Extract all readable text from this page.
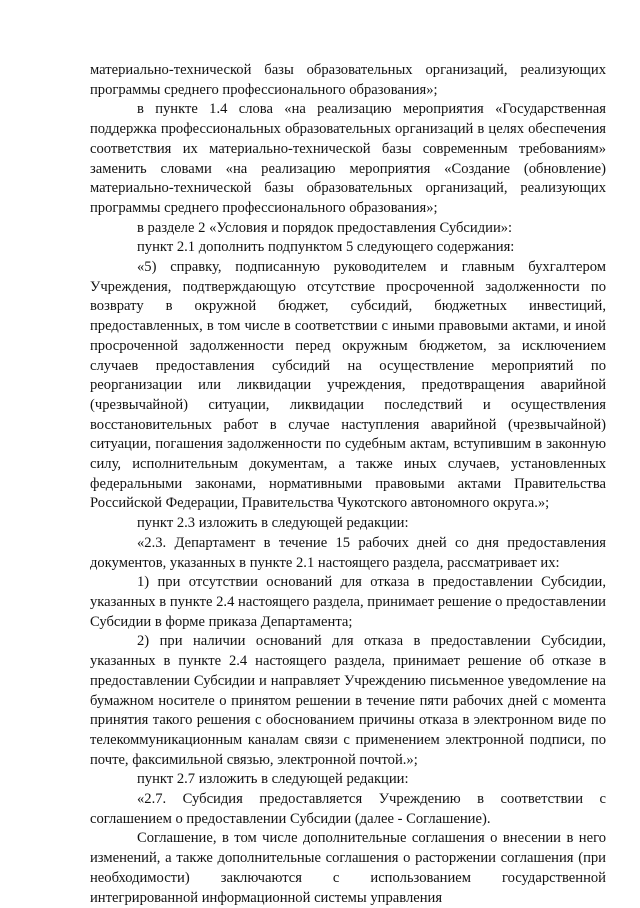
материально-технической базы образовательных организаций, реализующих программы среднего профессионального образования»;

в пункте 1.4 слова «на реализацию мероприятия «Государственная поддержка профессиональных образовательных организаций в целях обеспечения соответствия их материально-технической базы современным требованиям» заменить словами «на реализацию мероприятия «Создание (обновление) материально-технической базы образовательных организаций, реализующих программы среднего профессионального образования»;

в разделе 2 «Условия и порядок предоставления Субсидии»:

пункт 2.1 дополнить подпунктом 5 следующего содержания:

«5) справку, подписанную руководителем и главным бухгалтером Учреждения, подтверждающую отсутствие просроченной задолженности по возврату в окружной бюджет, субсидий, бюджетных инвестиций, предоставленных, в том числе в соответствии с иными правовыми актами, и иной просроченной задолженности перед окружным бюджетом, за исключением случаев предоставления субсидий на осуществление мероприятий по реорганизации или ликвидации учреждения, предотвращения аварийной (чрезвычайной) ситуации, ликвидации последствий и осуществления восстановительных работ в случае наступления аварийной (чрезвычайной) ситуации, погашения задолженности по судебным актам, вступившим в законную силу, исполнительным документам, а также иных случаев, установленных федеральными законами, нормативными правовыми актами Правительства Российской Федерации, Правительства Чукотского автономного округа.»;

пункт 2.3 изложить в следующей редакции:

«2.3. Департамент в течение 15 рабочих дней со дня предоставления документов, указанных в пункте 2.1 настоящего раздела, рассматривает их:

1) при отсутствии оснований для отказа в предоставлении Субсидии, указанных в пункте 2.4 настоящего раздела, принимает решение о предоставлении Субсидии в форме приказа Департамента;

2) при наличии оснований для отказа в предоставлении Субсидии, указанных в пункте 2.4 настоящего раздела, принимает решение об отказе в предоставлении Субсидии и направляет Учреждению письменное уведомление на бумажном носителе о принятом решении в течение пяти рабочих дней с момента принятия такого решения с обоснованием причины отказа в электронном виде по телекоммуникационным каналам связи с применением электронной подписи, по почте, факсимильной связью, электронной почтой.»;

пункт 2.7 изложить в следующей редакции:

«2.7. Субсидия предоставляется Учреждению в соответствии с соглашением о предоставлении Субсидии (далее - Соглашение).

Соглашение, в том числе дополнительные соглашения о внесении в него изменений, а также дополнительные соглашения о расторжении соглашения (при необходимости) заключаются с использованием государственной интегрированной информационной системы управления
